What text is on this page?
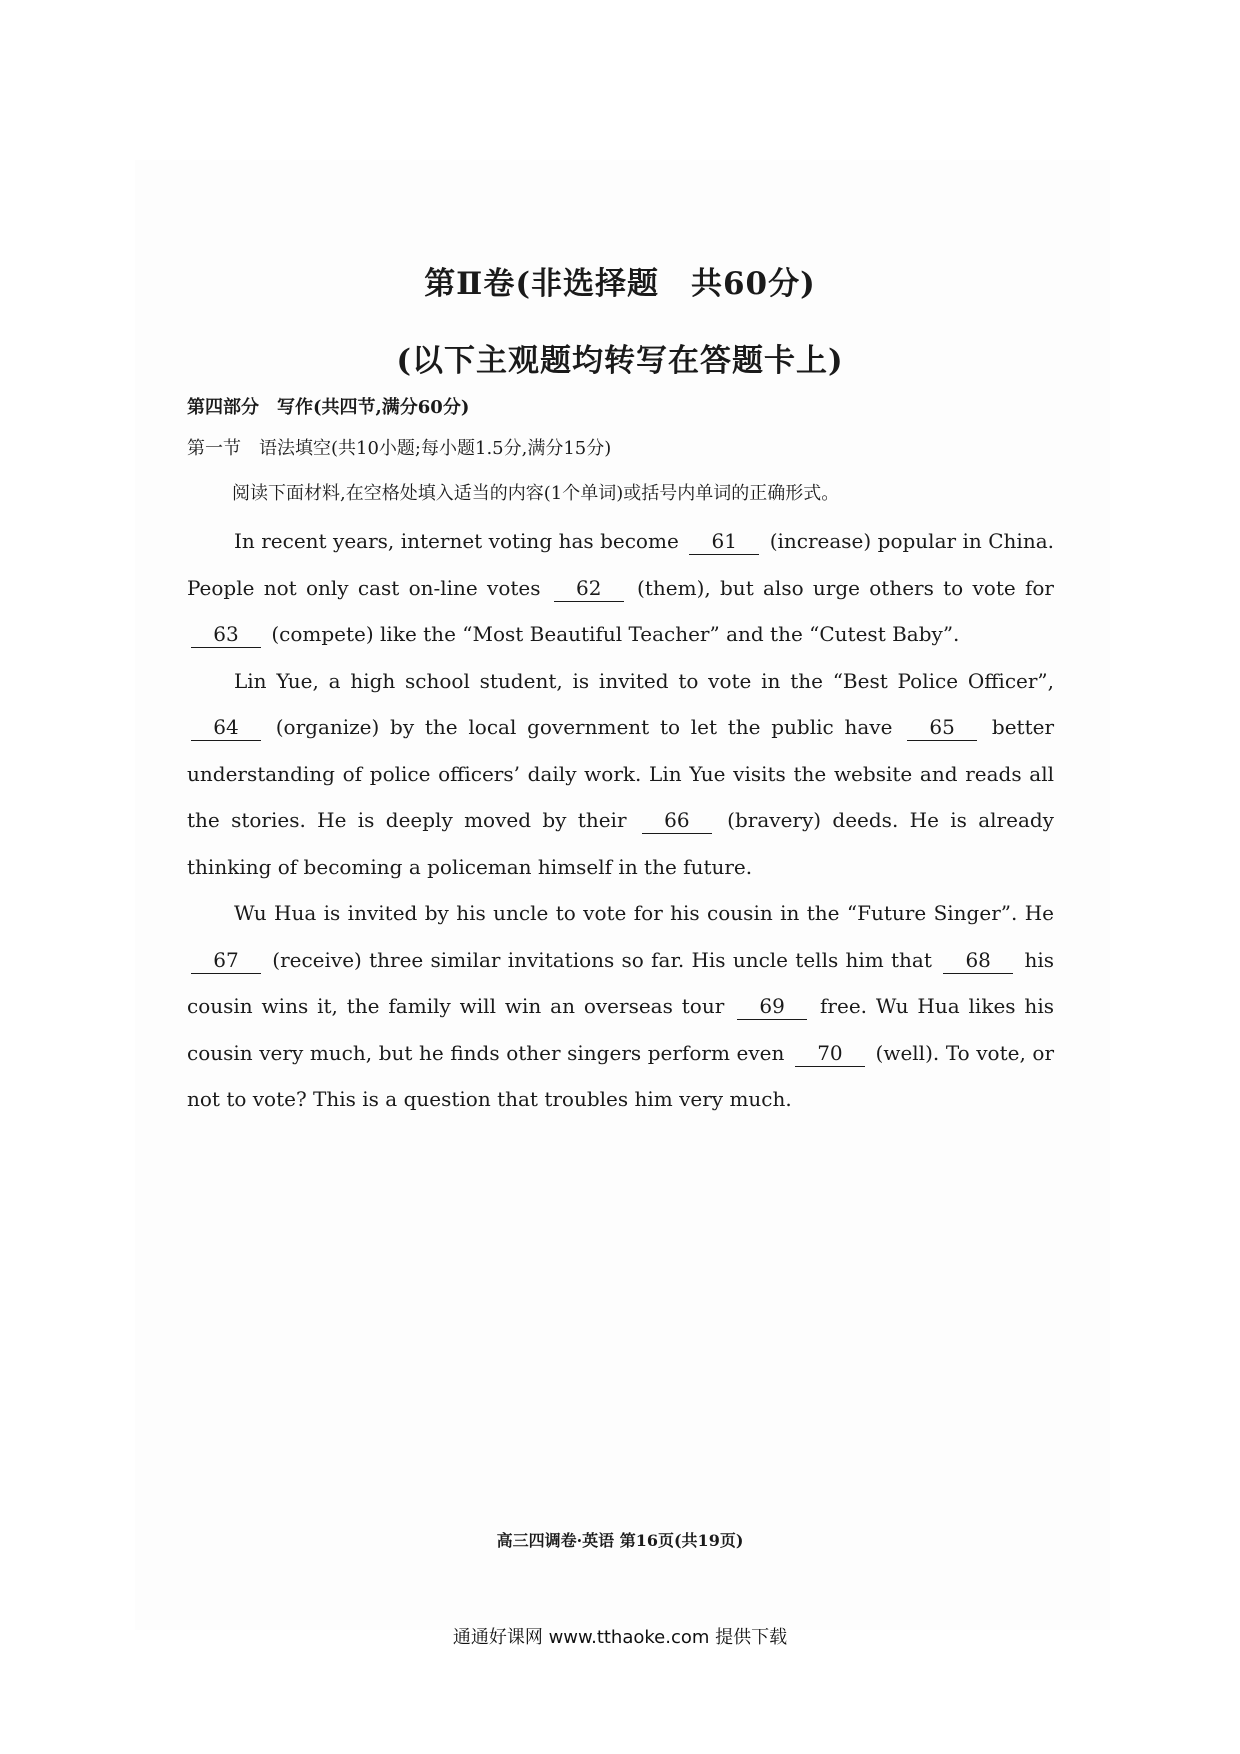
第Ⅱ卷(非选择题　共60分)
(以下主观题均转写在答题卡上)
第四部分　写作(共四节,满分60分)
第一节　语法填空(共10小题;每小题1.5分,满分15分)
阅读下面材料,在空格处填入适当的内容(1个单词)或括号内单词的正确形式。

In recent years, internet voting has become 61 (increase) popular in China. People not only cast on-line votes 62 (them), but also urge others to vote for 63 (compete) like the “Most Beautiful Teacher” and the “Cutest Baby”.

Lin Yue, a high school student, is invited to vote in the “Best Police Officer”, 64 (organize) by the local government to let the public have 65 better understanding of police officers’ daily work. Lin Yue visits the website and reads all the stories. He is deeply moved by their 66 (bravery) deeds. He is already thinking of becoming a policeman himself in the future.

Wu Hua is invited by his uncle to vote for his cousin in the “Future Singer”. He 67 (receive) three similar invitations so far. His uncle tells him that 68 his cousin wins it, the family will win an overseas tour 69 free. Wu Hua likes his cousin very much, but he finds other singers perform even 70 (well). To vote, or not to vote? This is a question that troubles him very much.

高三四调卷·英语 第16页(共19页)
通通好课网 www.tthaoke.com 提供下载
